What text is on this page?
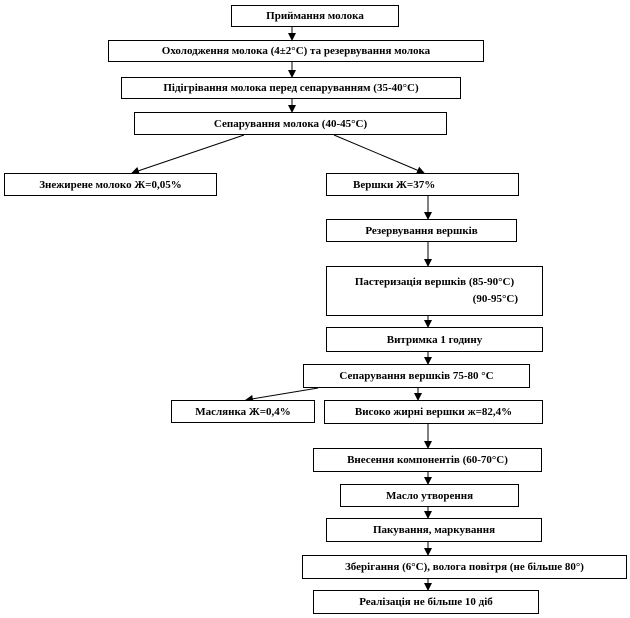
Приймання молока
Охолодження молока (4±2°С) та резервування молока
Підігрівання молока перед сепаруванням (35-40°С)
Сепарування молока (40-45°С)
Знежирене молоко Ж=0,05%	Вершки Ж=37%
Резервування вершків
Пастеризація вершків (85-90°С)
(90-95°С)
Витримка 1 годину
Сепарування вершків 75-80 °С
Маслянка Ж=0,4%	Високо жирні вершки ж=82,4%
Внесення компонентів (60-70°С)
Масло утворення
Пакування, маркування
Зберігання (6°С), волога повітря (не більше 80°)
Реалізація не більше 10 діб
